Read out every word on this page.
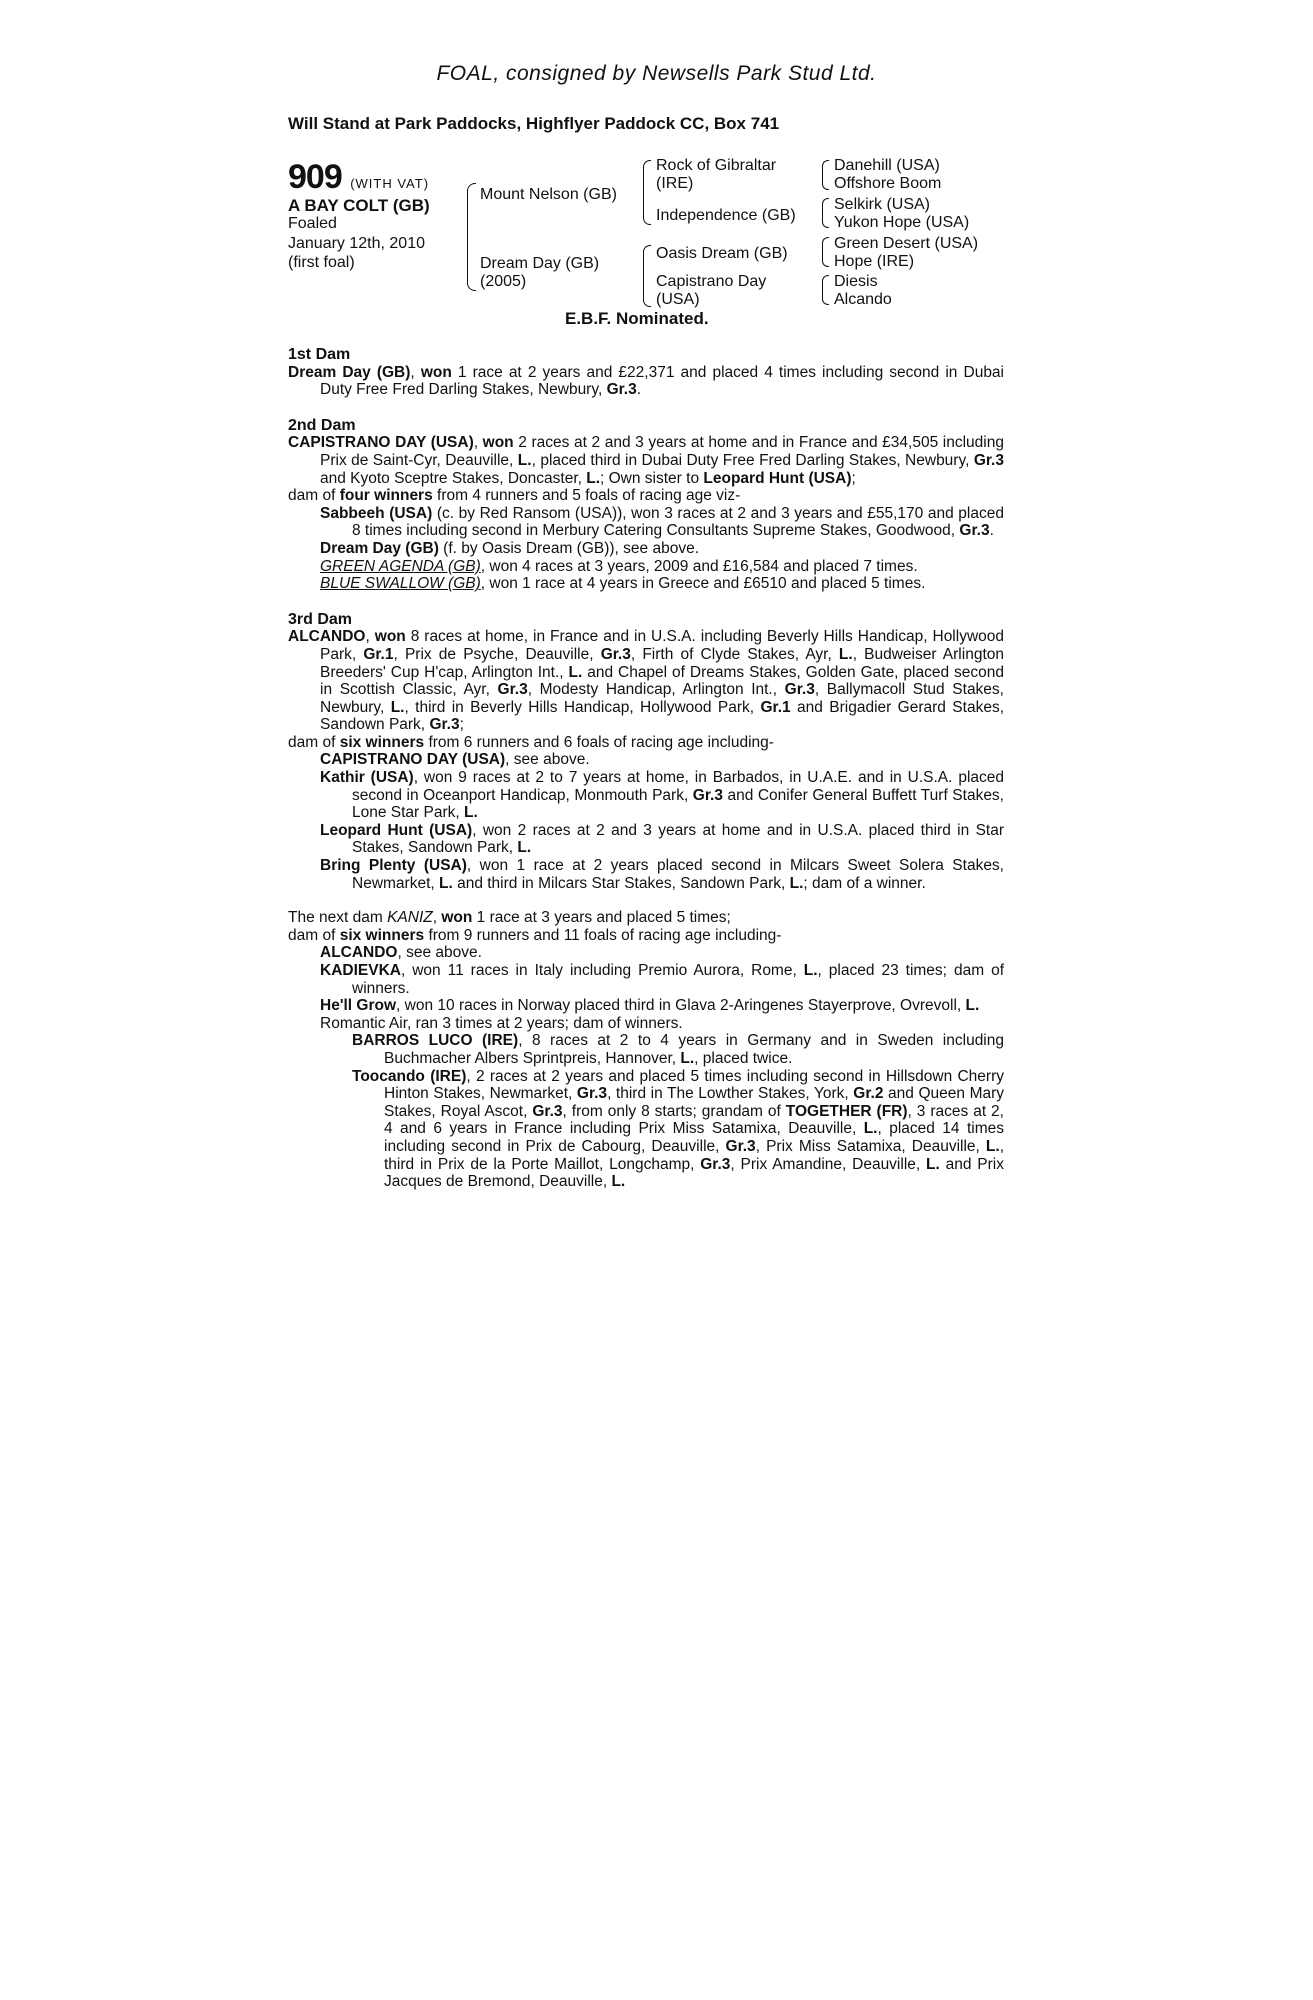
FOAL, consigned by Newsells Park Stud Ltd.
Will Stand at Park Paddocks, Highflyer Paddock CC, Box 741
909 (WITH VAT)
A BAY COLT (GB)
Foaled
January 12th, 2010
(first foal)
Mount Nelson (GB)
Dream Day (GB)
(2005)
Rock of Gibraltar
(IRE)
Independence (GB)
Oasis Dream (GB)
Capistrano Day
(USA)
Danehill (USA)
Offshore Boom
Selkirk (USA)
Yukon Hope (USA)
Green Desert (USA)
Hope (IRE)
Diesis
Alcando
E.B.F. Nominated.

1st Dam

Dream Day (GB), won 1 race at 2 years and £22,371 and placed 4 times including second in Dubai Duty Free Fred Darling Stakes, Newbury, Gr.3.

2nd Dam

CAPISTRANO DAY (USA), won 2 races at 2 and 3 years at home and in France and £34,505 including Prix de Saint-Cyr, Deauville, L., placed third in Dubai Duty Free Fred Darling Stakes, Newbury, Gr.3 and Kyoto Sceptre Stakes, Doncaster, L.; Own sister to Leopard Hunt (USA);

dam of four winners from 4 runners and 5 foals of racing age viz-

Sabbeeh (USA) (c. by Red Ransom (USA)), won 3 races at 2 and 3 years and £55,170 and placed 8 times including second in Merbury Catering Consultants Supreme Stakes, Goodwood, Gr.3.

Dream Day (GB) (f. by Oasis Dream (GB)), see above.

GREEN AGENDA (GB), won 4 races at 3 years, 2009 and £16,584 and placed 7 times.

BLUE SWALLOW (GB), won 1 race at 4 years in Greece and £6510 and placed 5 times.

3rd Dam

ALCANDO, won 8 races at home, in France and in U.S.A. including Beverly Hills Handicap, Hollywood Park, Gr.1, Prix de Psyche, Deauville, Gr.3, Firth of Clyde Stakes, Ayr, L., Budweiser Arlington Breeders' Cup H'cap, Arlington Int., L. and Chapel of Dreams Stakes, Golden Gate, placed second in Scottish Classic, Ayr, Gr.3, Modesty Handicap, Arlington Int., Gr.3, Ballymacoll Stud Stakes, Newbury, L., third in Beverly Hills Handicap, Hollywood Park, Gr.1 and Brigadier Gerard Stakes, Sandown Park, Gr.3;

dam of six winners from 6 runners and 6 foals of racing age including-

CAPISTRANO DAY (USA), see above.

Kathir (USA), won 9 races at 2 to 7 years at home, in Barbados, in U.A.E. and in U.S.A. placed second in Oceanport Handicap, Monmouth Park, Gr.3 and Conifer General Buffett Turf Stakes, Lone Star Park, L.

Leopard Hunt (USA), won 2 races at 2 and 3 years at home and in U.S.A. placed third in Star Stakes, Sandown Park, L.

Bring Plenty (USA), won 1 race at 2 years placed second in Milcars Sweet Solera Stakes, Newmarket, L. and third in Milcars Star Stakes, Sandown Park, L.; dam of a winner.

The next dam KANIZ, won 1 race at 3 years and placed 5 times;

dam of six winners from 9 runners and 11 foals of racing age including-

ALCANDO, see above.

KADIEVKA, won 11 races in Italy including Premio Aurora, Rome, L., placed 23 times; dam of winners.

He'll Grow, won 10 races in Norway placed third in Glava 2-Aringenes Stayerprove, Ovrevoll, L.

Romantic Air, ran 3 times at 2 years; dam of winners.

BARROS LUCO (IRE), 8 races at 2 to 4 years in Germany and in Sweden including Buchmacher Albers Sprintpreis, Hannover, L., placed twice.

Toocando (IRE), 2 races at 2 years and placed 5 times including second in Hillsdown Cherry Hinton Stakes, Newmarket, Gr.3, third in The Lowther Stakes, York, Gr.2 and Queen Mary Stakes, Royal Ascot, Gr.3, from only 8 starts; grandam of TOGETHER (FR), 3 races at 2, 4 and 6 years in France including Prix Miss Satamixa, Deauville, L., placed 14 times including second in Prix de Cabourg, Deauville, Gr.3, Prix Miss Satamixa, Deauville, L., third in Prix de la Porte Maillot, Longchamp, Gr.3, Prix Amandine, Deauville, L. and Prix Jacques de Bremond, Deauville, L.
